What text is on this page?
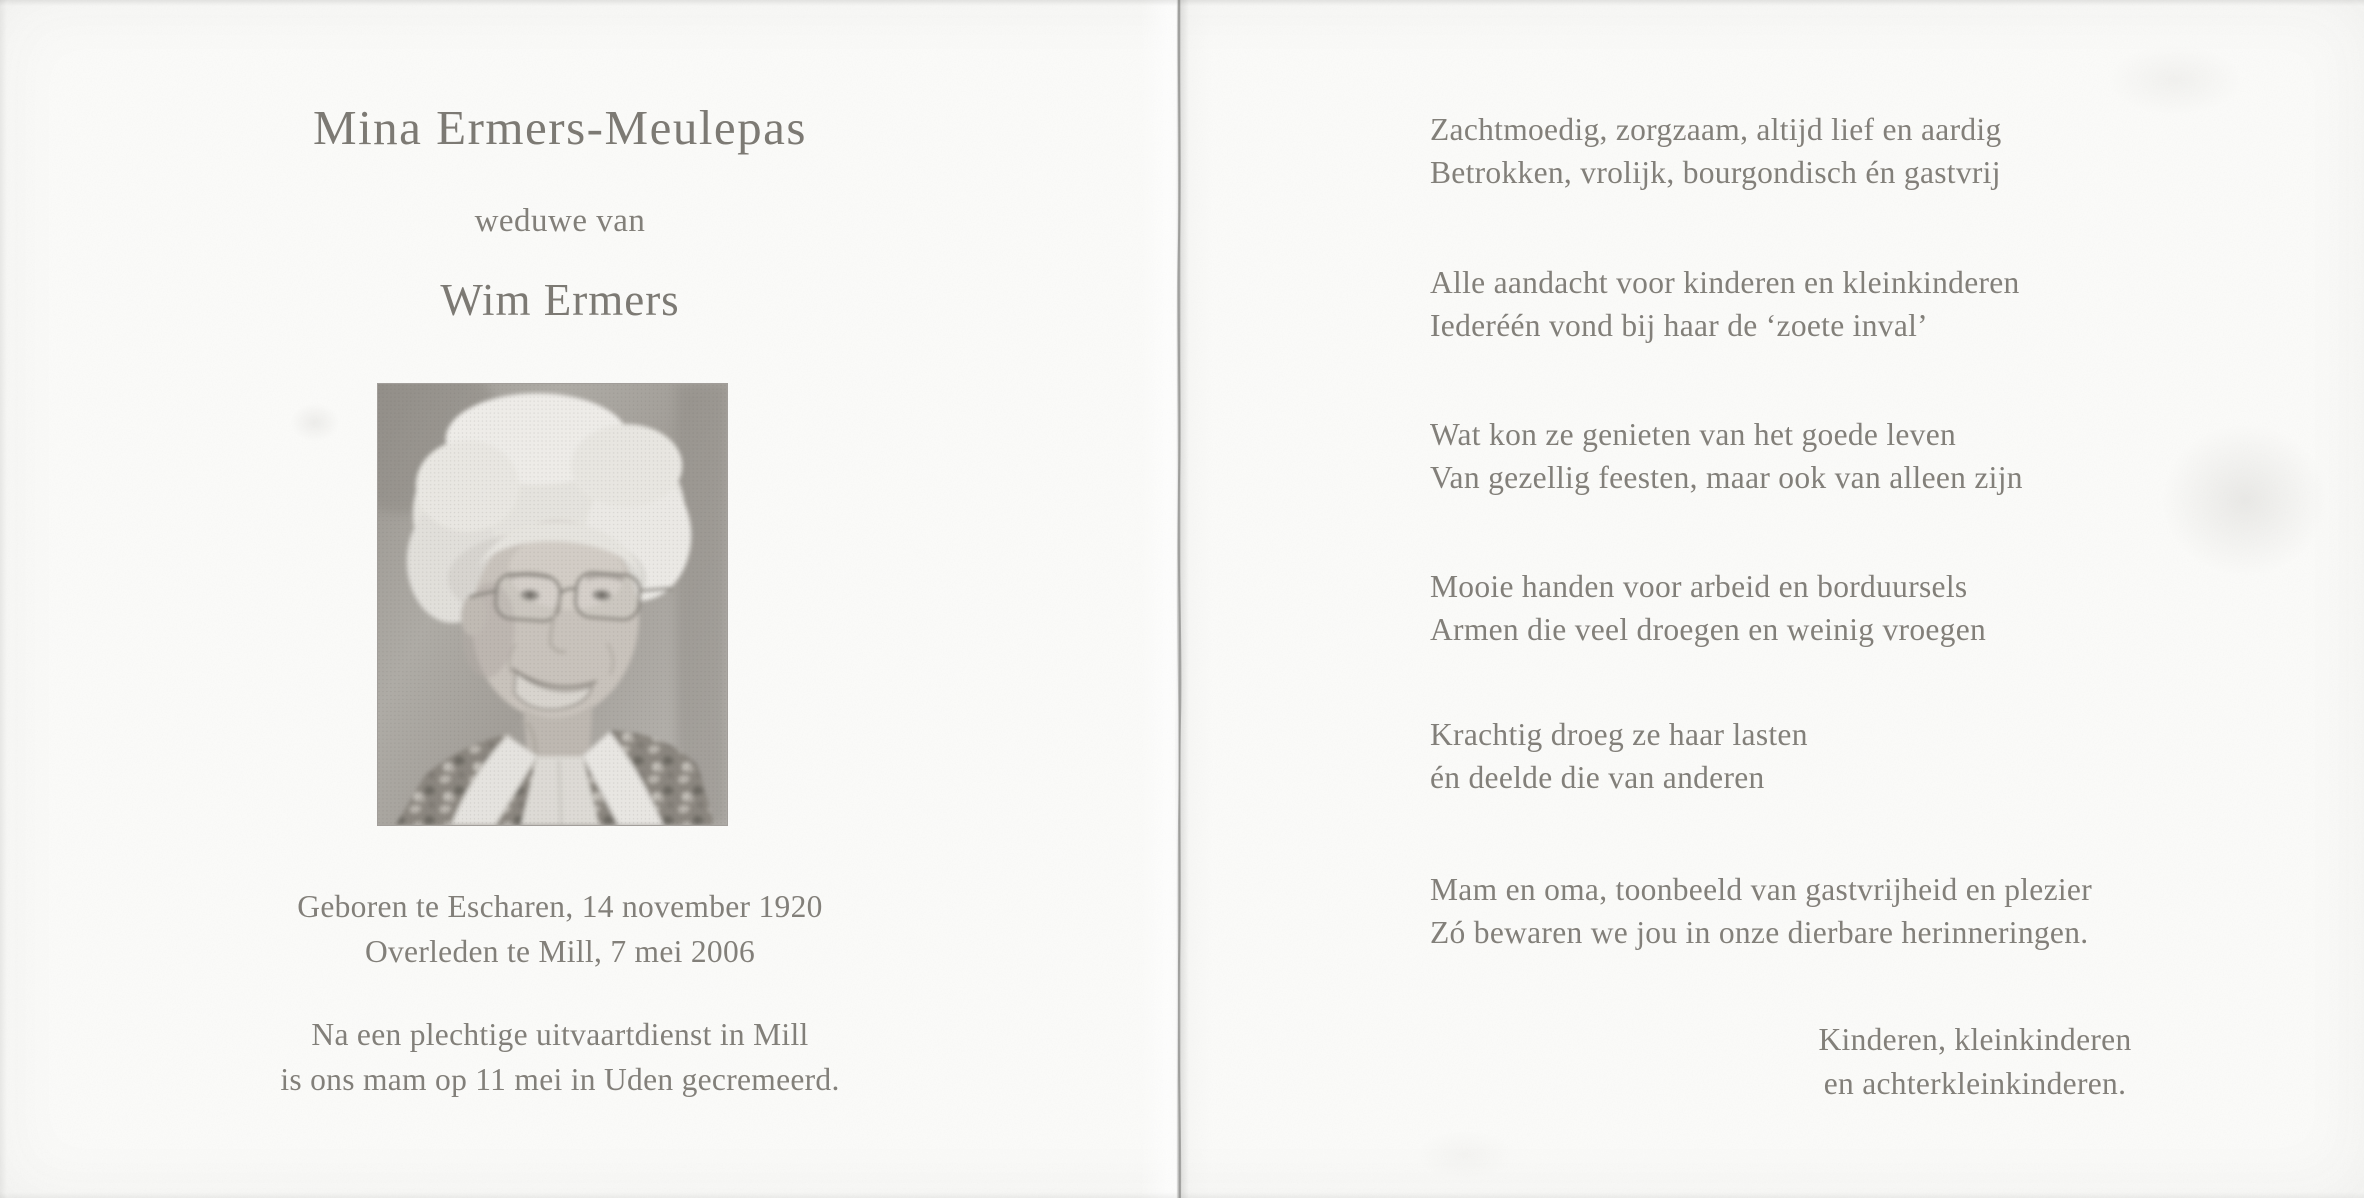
Mina Ermers-Meulepas
weduwe van
Wim Ermers
Geboren te Escharen, 14 november 1920
Overleden te Mill, 7 mei 2006
Na een plechtige uitvaartdienst in Mill
is ons mam op 11 mei in Uden gecremeerd.
Zachtmoedig, zorgzaam, altijd lief en aardig
Betrokken, vrolijk, bourgondisch én gastvrij
Alle aandacht voor kinderen en kleinkinderen
Iederéén vond bij haar de ‘zoete inval’
Wat kon ze genieten van het goede leven
Van gezellig feesten, maar ook van alleen zijn
Mooie handen voor arbeid en borduursels
Armen die veel droegen en weinig vroegen
Krachtig droeg ze haar lasten
én deelde die van anderen
Mam en oma, toonbeeld van gastvrijheid en plezier
Zó bewaren we jou in onze dierbare herinneringen.
Kinderen, kleinkinderen
en achterkleinkinderen.
